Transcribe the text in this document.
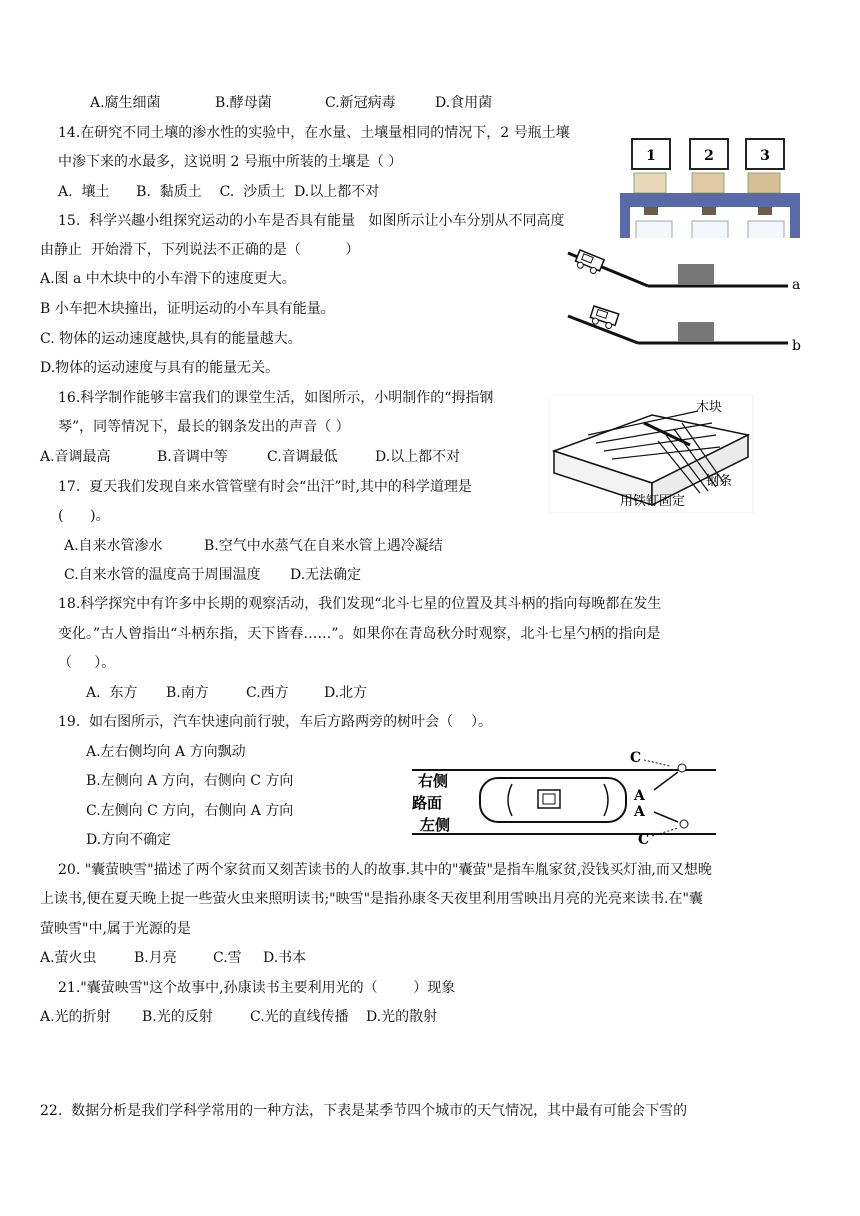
A.腐生细菌	B.酵母菌	C.新冠病毒	D.食用菌
14.在研究不同土壤的渗水性的实验中，在水量、土壤量相同的情况下，2 号瓶土壤
中渗下来的水最多，这说明 2 号瓶中所装的土壤是（ ）
A.  壤土      B.  黏质土    C.  沙质土  D.以上都不对
1	2	3
15.  科学兴趣小组探究运动的小车是否具有能量   如图所示让小车分别从不同高度
由静止  开始滑下，下列说法不正确的是（          ）
A.图 a 中木块中的小车滑下的速度更大。
B 小车把木块撞出，证明运动的小车具有能量。
C. 物体的运动速度越快,具有的能量越大。
D.物体的运动速度与具有的能量无关。
a
b
16.科学制作能够丰富我们的课堂生活，如图所示，小明制作的“拇指钢
琴”，同等情况下，最长的钢条发出的声音（ ）
A.音调最高	B.音调中等	C.音调最低	D.以上都不对
木块
钢条
用铁钉固定
17.  夏天我们发现自来水管管壁有时会“出汗”时,其中的科学道理是
(      )。
A.自来水管渗水	B.空气中水蒸气在自来水管上遇冷凝结
C.自来水管的温度高于周围温度 D.无法确定
18.科学探究中有许多中长期的观察活动，我们发现“北斗七星的位置及其斗柄的指向每晚都在发生
变化。”古人曾指出“斗柄东指，天下皆春……”。如果你在青岛秋分时观察，北斗七星勺柄的指向是
（     ）。
A.  东方 B.南方	C.西方	D.北方
19.  如右图所示，汽车快速向前行驶，车后方路两旁的树叶会（    ）。
A.左右侧均向 A 方向飘动
B.左侧向 A 方向，右侧向 C 方向
C.左侧向 C 方向，右侧向 A 方向
D.方向不确定
右侧
路面
左侧
A
A
C
C
20. "囊萤映雪"描述了两个家贫而又刻苦读书的人的故事.其中的"囊萤"是指车胤家贫,没钱买灯油,而又想晚
上读书,便在夏天晚上捉一些萤火虫来照明读书;"映雪"是指孙康冬天夜里利用雪映出月亮的光亮来读书.在"囊
萤映雪"中,属于光源的是
A.萤火虫	B.月亮	C.雪 D.书本
21."囊萤映雪"这个故事中,孙康读书主要利用光的（        ）现象
A.光的折射 B.光的反射	C.光的直线传播 D.光的散射
22.  数据分析是我们学科学常用的一种方法，下表是某季节四个城市的天气情况，其中最有可能会下雪的
